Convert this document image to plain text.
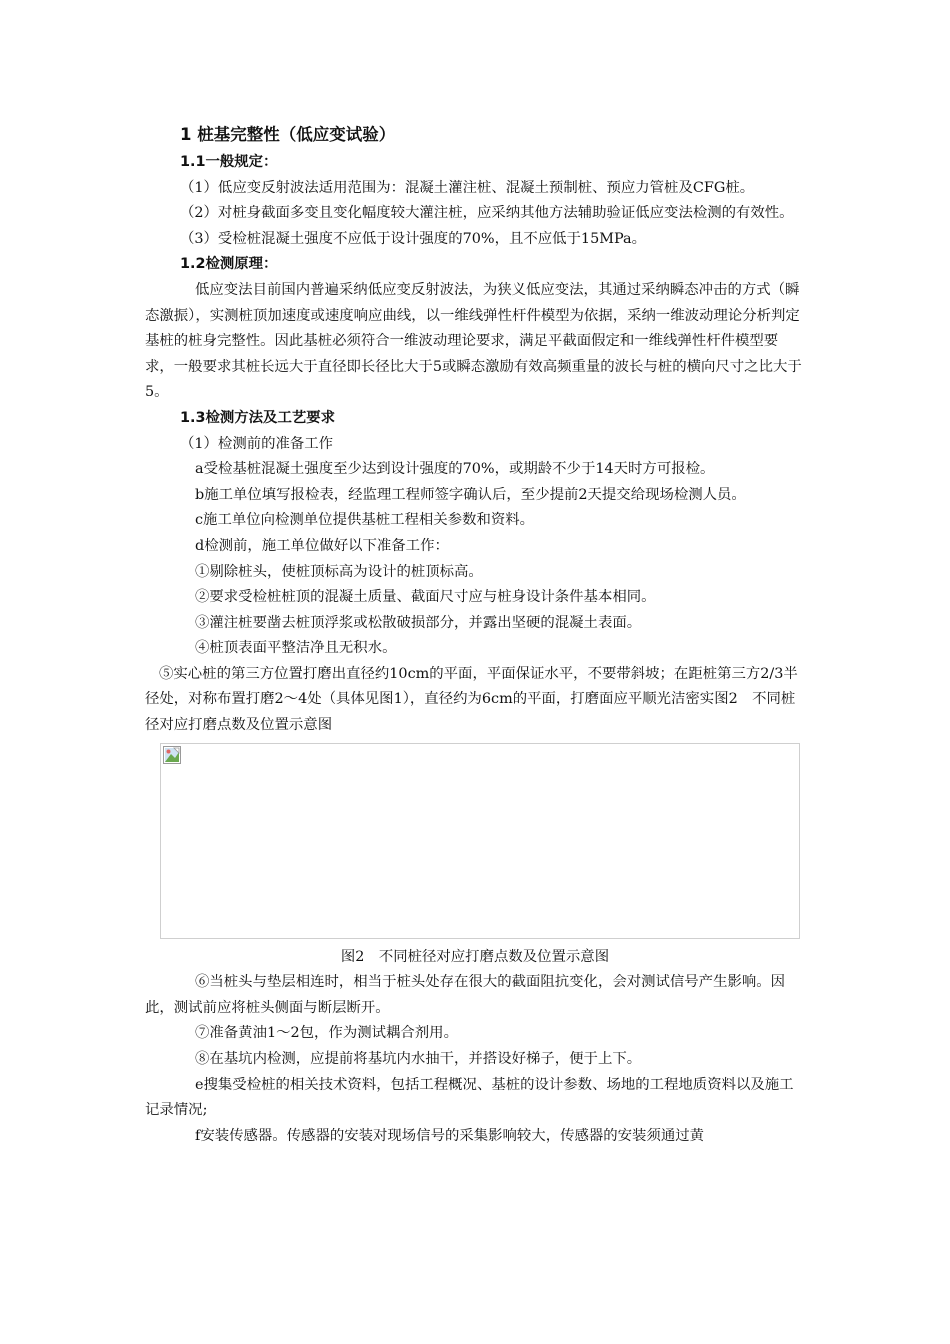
1 桩基完整性（低应变试验）

1.1一般规定：

（1）低应变反射波法适用范围为：混凝土灌注桩、混凝土预制桩、预应力管桩及CFG桩。

（2）对桩身截面多变且变化幅度较大灌注桩，应采纳其他方法辅助验证低应变法检测的有效性。

（3）受检桩混凝土强度不应低于设计强度的70%，且不应低于15MPa。

1.2检测原理：

低应变法目前国内普遍采纳低应变反射波法，为狭义低应变法，其通过采纳瞬态冲击的方式（瞬态激振），实测桩顶加速度或速度响应曲线，以一维线弹性杆件模型为依据，采纳一维波动理论分析判定基桩的桩身完整性。因此基桩必须符合一维波动理论要求，满足平截面假定和一维线弹性杆件模型要求，一般要求其桩长远大于直径即长径比大于5或瞬态激励有效高频重量的波长与桩的横向尺寸之比大于5。

1.3检测方法及工艺要求

（1）检测前的准备工作

a受检基桩混凝土强度至少达到设计强度的70%，或期龄不少于14天时方可报检。

b施工单位填写报检表，经监理工程师签字确认后，至少提前2天提交给现场检测人员。

c施工单位向检测单位提供基桩工程相关参数和资料。

d检测前，施工单位做好以下准备工作：

①剔除桩头，使桩顶标高为设计的桩顶标高。

②要求受检桩桩顶的混凝土质量、截面尺寸应与桩身设计条件基本相同。

③灌注桩要凿去桩顶浮浆或松散破损部分，并露出坚硬的混凝土表面。

④桩顶表面平整洁净且无积水。

⑤实心桩的第三方位置打磨出直径约10cm的平面，平面保证水平，不要带斜坡；在距桩第三方2/3半径处，对称布置打磨2～4处（具体见图1），直径约为6cm的平面，打磨面应平顺光洁密实图2　不同桩径对应打磨点数及位置示意图

图2　不同桩径对应打磨点数及位置示意图

⑥当桩头与垫层相连时，相当于桩头处存在很大的截面阻抗变化，会对测试信号产生影响。因此，测试前应将桩头侧面与断层断开。

⑦准备黄油1～2包，作为测试耦合剂用。

⑧在基坑内检测，应提前将基坑内水抽干，并搭设好梯子，便于上下。

e搜集受检桩的相关技术资料，包括工程概况、基桩的设计参数、场地的工程地质资料以及施工记录情况;

f安装传感器。传感器的安装对现场信号的采集影响较大，传感器的安装须通过黄
